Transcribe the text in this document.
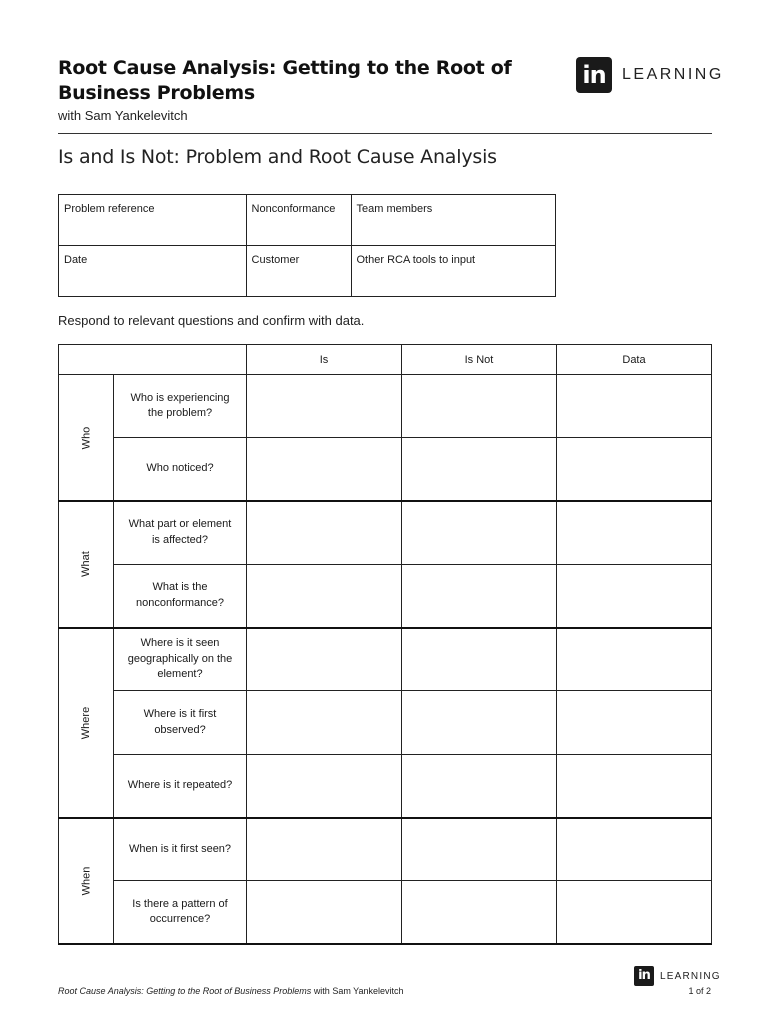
Root Cause Analysis: Getting to the Root of Business Problems
with Sam Yankelevitch
in	LEARNING
Is and Is Not: Problem and Root Cause Analysis
Problem reference	Nonconformance	Team members
Date	Customer	Other RCA tools to input
Respond to relevant questions and confirm with data.
		Is	Is Not	Data
Who	Who is experiencing the problem?			
	Who noticed?			
What	What part or element is affected?			
	What is the nonconformance?			
Where	Where is it seen geographically on the element?			
	Where is it first observed?			
	Where is it repeated?			
When	When is it first seen?			
	Is there a pattern of occurrence?			
in	LEARNING
Root Cause Analysis: Getting to the Root of Business Problems with Sam Yankelevitch	1 of 2
